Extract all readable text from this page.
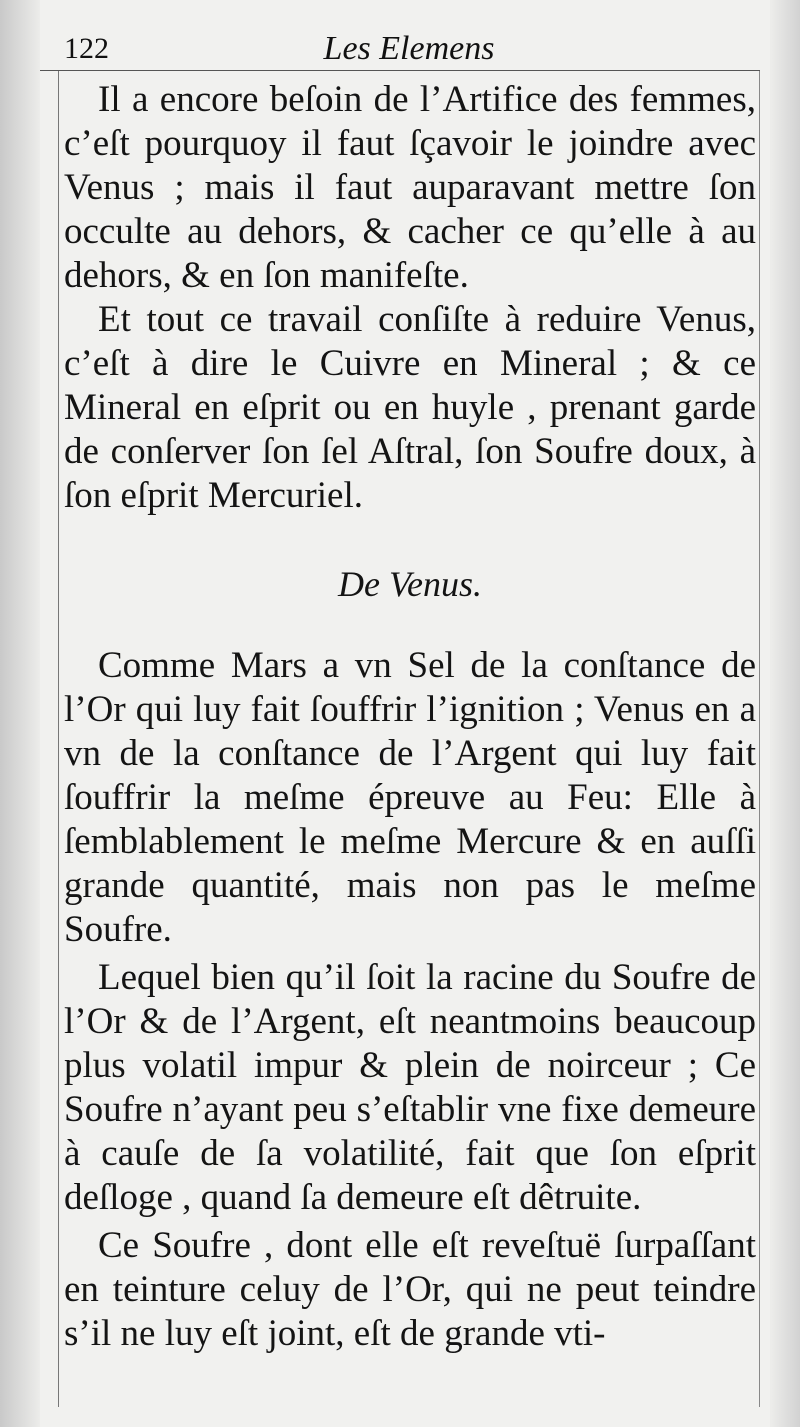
122	Les Elemens

Il a encore beſoin de l’Artifice des femmes, c’eſt pourquoy il faut ſçavoir le joindre avec Venus ; mais il faut auparavant mettre ſon occulte au dehors, & cacher ce qu’elle à au dehors, & en ſon manifeſte.

Et tout ce travail conſiſte à reduire Venus, c’eſt à dire le Cuivre en Mineral ; & ce Mineral en eſprit ou en huyle , prenant garde de conſerver ſon ſel Aſtral, ſon Soufre doux, à ſon eſprit Mercuriel.

De Venus.

Comme Mars a vn Sel de la conſtance de l’Or qui luy fait ſouffrir l’ignition ; Venus en a vn de la conſtance de l’Argent qui luy fait ſouffrir la meſme épreuve au Feu: Elle à ſemblablement le meſme Mercure & en auſſi grande quantité, mais non pas le meſme Soufre.

Lequel bien qu’il ſoit la racine du Soufre de l’Or & de l’Argent, eſt neantmoins beaucoup plus volatil impur & plein de noirceur ; Ce Soufre n’ayant peu s’eſtablir vne fixe demeure à cauſe de ſa volatilité, fait que ſon eſprit deſloge , quand ſa demeure eſt dêtruite.

Ce Soufre , dont elle eſt reveſtuë ſurpaſſant en teinture celuy de l’Or, qui ne peut teindre s’il ne luy eſt joint, eſt de grande vti-
